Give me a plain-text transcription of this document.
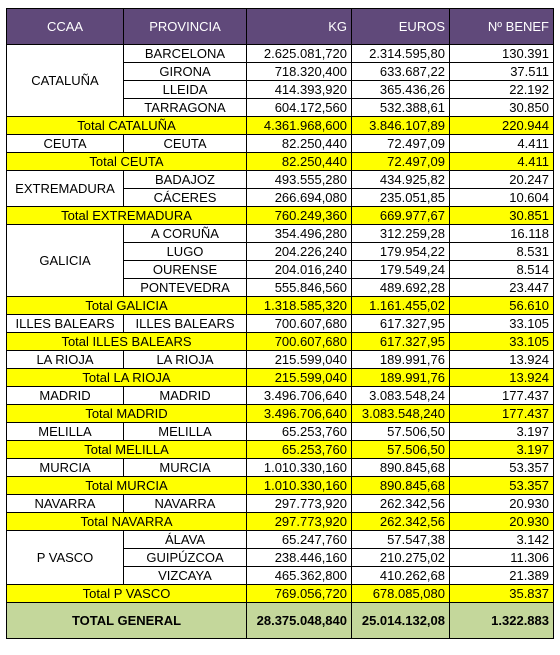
CCAA	PROVINCIA	KG	EUROS	Nº BENEF
CATALUÑA	BARCELONA	2.625.081,720	2.314.595,80	130.391
	GIRONA	718.320,400	633.687,22	37.511
	LLEIDA	414.393,920	365.436,26	22.192
	TARRAGONA	604.172,560	532.388,61	30.850
Total CATALUÑA		4.361.968,600	3.846.107,89	220.944
CEUTA	CEUTA	82.250,440	72.497,09	4.411
Total CEUTA		82.250,440	72.497,09	4.411
EXTREMADURA	BADAJOZ	493.555,280	434.925,82	20.247
	CÁCERES	266.694,080	235.051,85	10.604
Total EXTREMADURA		760.249,360	669.977,67	30.851
GALICIA	A CORUÑA	354.496,280	312.259,28	16.118
	LUGO	204.226,240	179.954,22	8.531
	OURENSE	204.016,240	179.549,24	8.514
	PONTEVEDRA	555.846,560	489.692,28	23.447
Total GALICIA		1.318.585,320	1.161.455,02	56.610
ILLES BALEARS	ILLES BALEARS	700.607,680	617.327,95	33.105
Total ILLES BALEARS		700.607,680	617.327,95	33.105
LA RIOJA	LA RIOJA	215.599,040	189.991,76	13.924
Total LA RIOJA		215.599,040	189.991,76	13.924
MADRID	MADRID	3.496.706,640	3.083.548,24	177.437
Total MADRID		3.496.706,640	3.083.548,240	177.437
MELILLA	MELILLA	65.253,760	57.506,50	3.197
Total MELILLA		65.253,760	57.506,50	3.197
MURCIA	MURCIA	1.010.330,160	890.845,68	53.357
Total MURCIA		1.010.330,160	890.845,68	53.357
NAVARRA	NAVARRA	297.773,920	262.342,56	20.930
Total NAVARRA		297.773,920	262.342,56	20.930
P VASCO	ÁLAVA	65.247,760	57.547,38	3.142
	GUIPÚZCOA	238.446,160	210.275,02	11.306
	VIZCAYA	465.362,800	410.262,68	21.389
Total P VASCO		769.056,720	678.085,080	35.837
TOTAL GENERAL		28.375.048,840	25.014.132,08	1.322.883
